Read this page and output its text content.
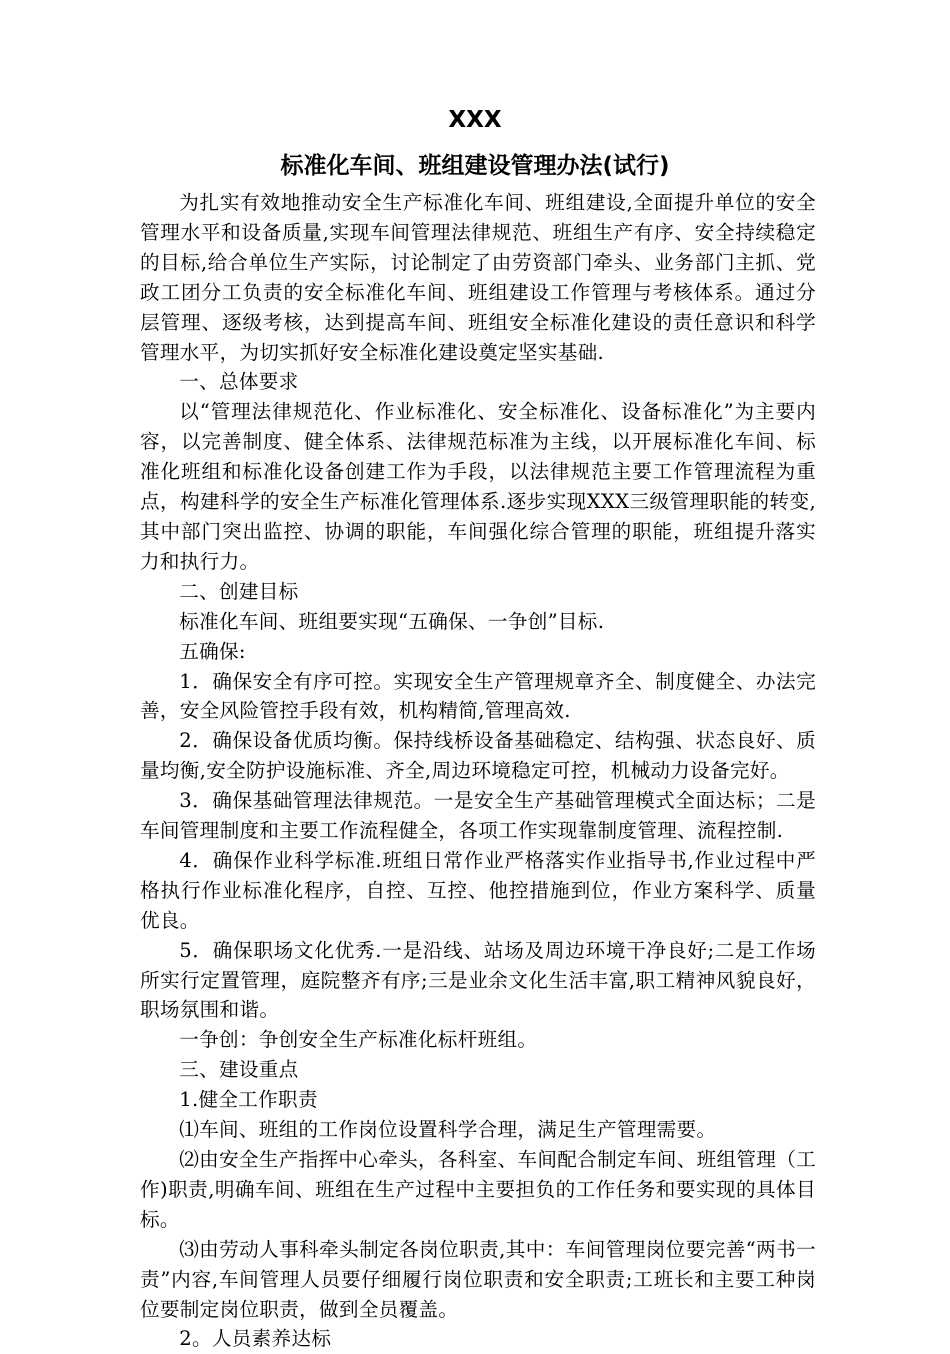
XXX
标准化车间、班组建设管理办法(试行)

为扎实有效地推动安全生产标准化车间、班组建设,全面提升单位的安全管理水平和设备质量,实现车间管理法律规范、班组生产有序、安全持续稳定的目标,给合单位生产实际，讨论制定了由劳资部门牵头、业务部门主抓、党政工团分工负责的安全标准化车间、班组建设工作管理与考核体系。通过分层管理、逐级考核，达到提高车间、班组安全标准化建设的责任意识和科学管理水平，为切实抓好安全标准化建设奠定坚实基础.

一、总体要求

以“管理法律规范化、作业标准化、安全标准化、设备标准化”为主要内容，以完善制度、健全体系、法律规范标准为主线，以开展标准化车间、标准化班组和标准化设备创建工作为手段，以法律规范主要工作管理流程为重点，构建科学的安全生产标准化管理体系.逐步实现XXX三级管理职能的转变,其中部门突出监控、协调的职能，车间强化综合管理的职能，班组提升落实力和执行力。

二、创建目标

标准化车间、班组要实现“五确保、一争创”目标.

五确保:

1．确保安全有序可控。实现安全生产管理规章齐全、制度健全、办法完善，安全风险管控手段有效，机构精简,管理高效.

2．确保设备优质均衡。保持线桥设备基础稳定、结构强、状态良好、质量均衡,安全防护设施标准、齐全,周边环境稳定可控，机械动力设备完好。

3．确保基础管理法律规范。一是安全生产基础管理模式全面达标；二是车间管理制度和主要工作流程健全，各项工作实现靠制度管理、流程控制.

4．确保作业科学标准.班组日常作业严格落实作业指导书,作业过程中严格执行作业标准化程序，自控、互控、他控措施到位，作业方案科学、质量优良。

5．确保职场文化优秀.一是沿线、站场及周边环境干净良好;二是工作场所实行定置管理，庭院整齐有序;三是业余文化生活丰富,职工精神风貌良好，职场氛围和谐。

一争创：争创安全生产标准化标杆班组。

三、建设重点

1.健全工作职责

⑴车间、班组的工作岗位设置科学合理，满足生产管理需要。

⑵由安全生产指挥中心牵头，各科室、车间配合制定车间、班组管理（工作)职责,明确车间、班组在生产过程中主要担负的工作任务和要实现的具体目标。

⑶由劳动人事科牵头制定各岗位职责,其中：车间管理岗位要完善“两书一责”内容,车间管理人员要仔细履行岗位职责和安全职责;工班长和主要工种岗位要制定岗位职责，做到全员覆盖。

2。人员素养达标
